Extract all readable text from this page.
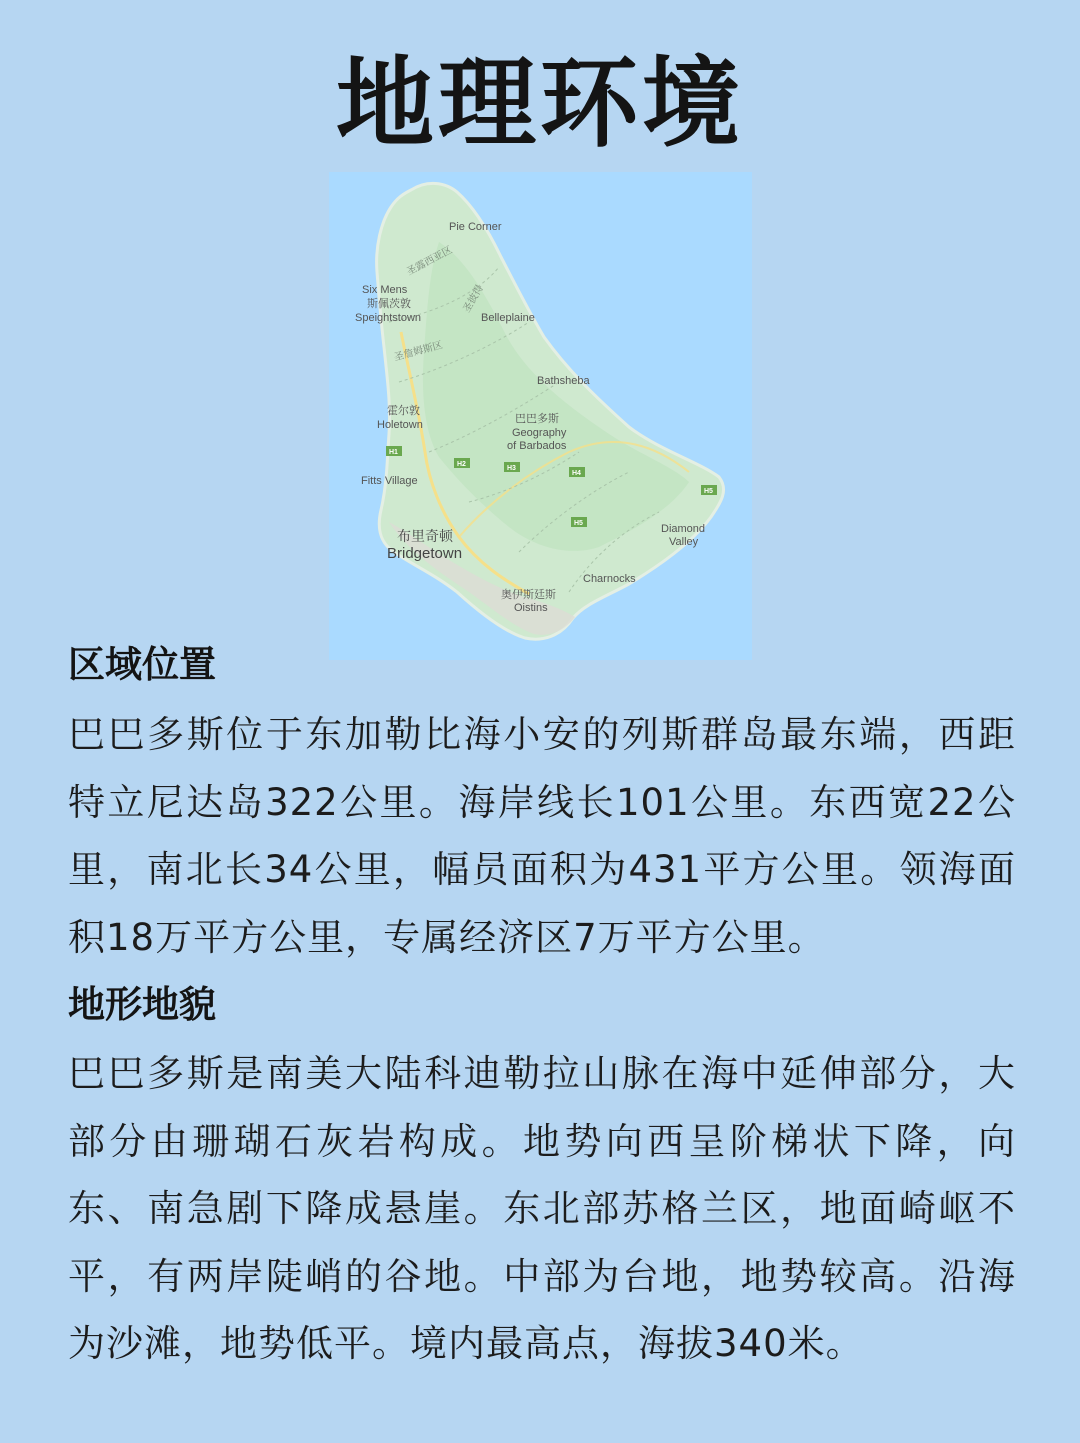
地理环境
Pie Corner
圣露西亚区
Six Mens
斯佩茨敦
Speightstown
圣彼得
Belleplaine
圣詹姆斯区
Bathsheba
霍尔敦
Holetown	巴巴多斯
Geography
of Barbados
Fitts Village
布里奇顿
Bridgetown
Diamond
Valley
Charnocks
奥伊斯廷斯
Oistins
H1
H2
H3
H4
H5
H5
区域位置
巴巴多斯位于东加勒比海小安的列斯群岛最东端，西距特立尼达岛322公里。海岸线长101公里。东西宽22公里，南北长34公里，幅员面积为431平方公里。领海面积18万平方公里，专属经济区7万平方公里。
地形地貌
巴巴多斯是南美大陆科迪勒拉山脉在海中延伸部分，大部分由珊瑚石灰岩构成。地势向西呈阶梯状下降，向东、南急剧下降成悬崖。东北部苏格兰区，地面崎岖不平，有两岸陡峭的谷地。中部为台地，地势较高。沿海为沙滩，地势低平。境内最高点，海拔340米。
